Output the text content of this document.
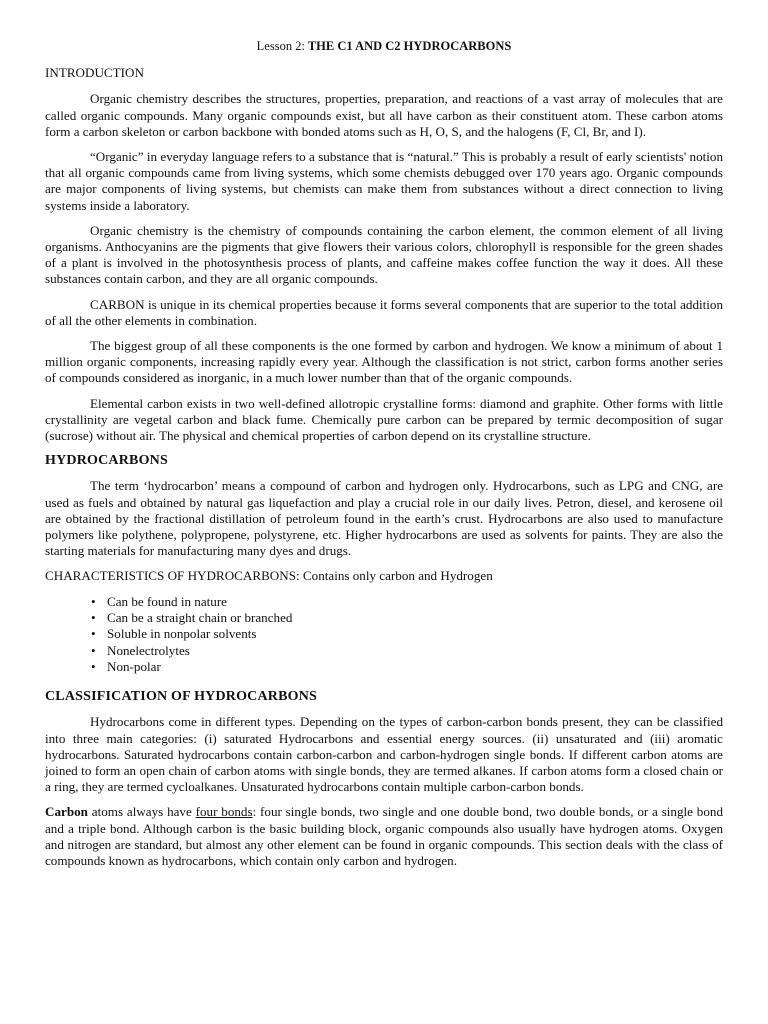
Lesson 2: THE C1 AND C2 HYDROCARBONS
INTRODUCTION

Organic chemistry describes the structures, properties, preparation, and reactions of a vast array of molecules that are called organic compounds. Many organic compounds exist, but all have carbon as their constituent atom. These carbon atoms form a carbon skeleton or carbon backbone with bonded atoms such as H, O, S, and the halogens (F, Cl, Br, and I).

“Organic” in everyday language refers to a substance that is “natural.” This is probably a result of early scientists' notion that all organic compounds came from living systems, which some chemists debugged over 170 years ago. Organic compounds are major components of living systems, but chemists can make them from substances without a direct connection to living systems inside a laboratory.

Organic chemistry is the chemistry of compounds containing the carbon element, the common element of all living organisms. Anthocyanins are the pigments that give flowers their various colors, chlorophyll is responsible for the green shades of a plant is involved in the photosynthesis process of plants, and caffeine makes coffee function the way it does. All these substances contain carbon, and they are all organic compounds.

CARBON is unique in its chemical properties because it forms several components that are superior to the total addition of all the other elements in combination.

The biggest group of all these components is the one formed by carbon and hydrogen. We know a minimum of about 1 million organic components, increasing rapidly every year. Although the classification is not strict, carbon forms another series of compounds considered as inorganic, in a much lower number than that of the organic compounds.

Elemental carbon exists in two well-defined allotropic crystalline forms: diamond and graphite. Other forms with little crystallinity are vegetal carbon and black fume. Chemically pure carbon can be prepared by termic decomposition of sugar (sucrose) without air. The physical and chemical properties of carbon depend on its crystalline structure.

HYDROCARBONS

The term ‘hydrocarbon’ means a compound of carbon and hydrogen only. Hydrocarbons, such as LPG and CNG, are used as fuels and obtained by natural gas liquefaction and play a crucial role in our daily lives. Petron, diesel, and kerosene oil are obtained by the fractional distillation of petroleum found in the earth’s crust. Hydrocarbons are also used to manufacture polymers like polythene, polypropene, polystyrene, etc. Higher hydrocarbons are used as solvents for paints. They are also the starting materials for manufacturing many dyes and drugs.

CHARACTERISTICS OF HYDROCARBONS: Contains only carbon and Hydrogen
• Can be found in nature
• Can be a straight chain or branched
• Soluble in nonpolar solvents
• Nonelectrolytes
• Non-polar
CLASSIFICATION OF HYDROCARBONS

Hydrocarbons come in different types. Depending on the types of carbon-carbon bonds present, they can be classified into three main categories: (i) saturated Hydrocarbons and essential energy sources. (ii) unsaturated and (iii) aromatic hydrocarbons. Saturated hydrocarbons contain carbon-carbon and carbon-hydrogen single bonds. If different carbon atoms are joined to form an open chain of carbon atoms with single bonds, they are termed alkanes. If carbon atoms form a closed chain or a ring, they are termed cycloalkanes. Unsaturated hydrocarbons contain multiple carbon-carbon bonds.

Carbon atoms always have four bonds: four single bonds, two single and one double bond, two double bonds, or a single bond and a triple bond. Although carbon is the basic building block, organic compounds also usually have hydrogen atoms. Oxygen and nitrogen are standard, but almost any other element can be found in organic compounds. This section deals with the class of compounds known as hydrocarbons, which contain only carbon and hydrogen.
